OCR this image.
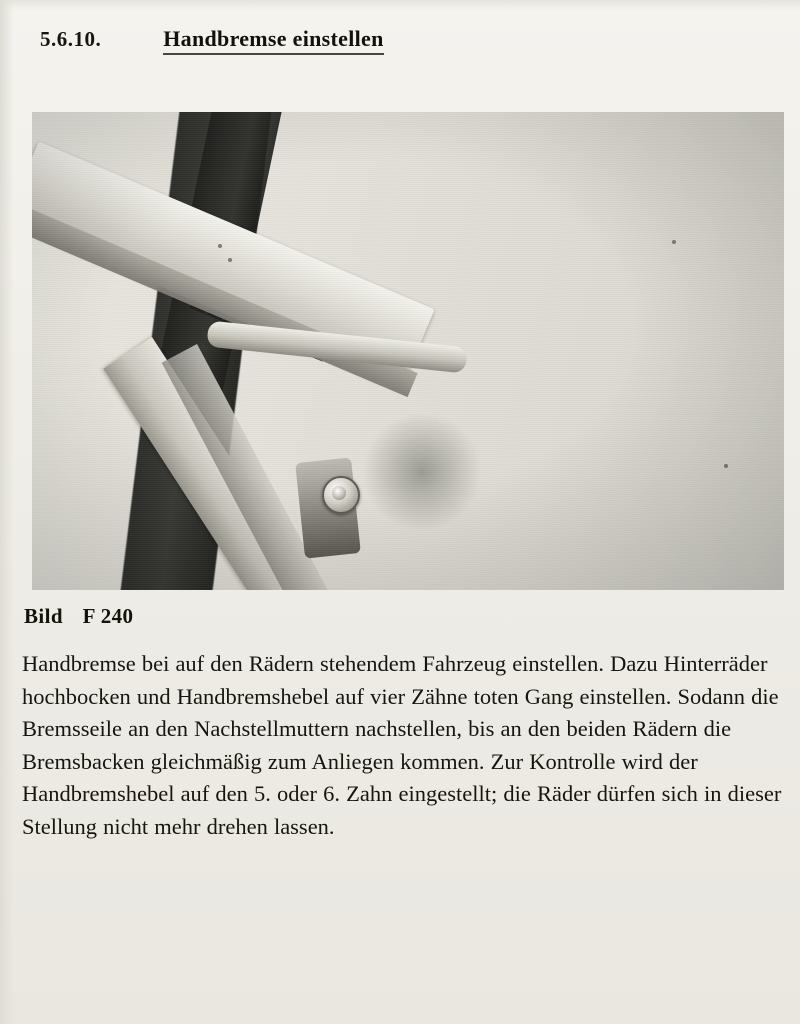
5.6.10.	Handbremse einstellen
Bild F 240

Handbremse bei auf den Rädern stehendem Fahrzeug einstellen. Dazu Hinterräder hochbocken und Handbremshebel auf vier Zähne toten Gang einstellen. Sodann die Bremsseile an den Nachstellmuttern nachstellen, bis an den beiden Rädern die Bremsbacken gleichmäßig zum Anliegen kommen. Zur Kontrolle wird der Handbremshebel auf den 5. oder 6. Zahn eingestellt; die Räder dürfen sich in dieser Stellung nicht mehr drehen lassen.
